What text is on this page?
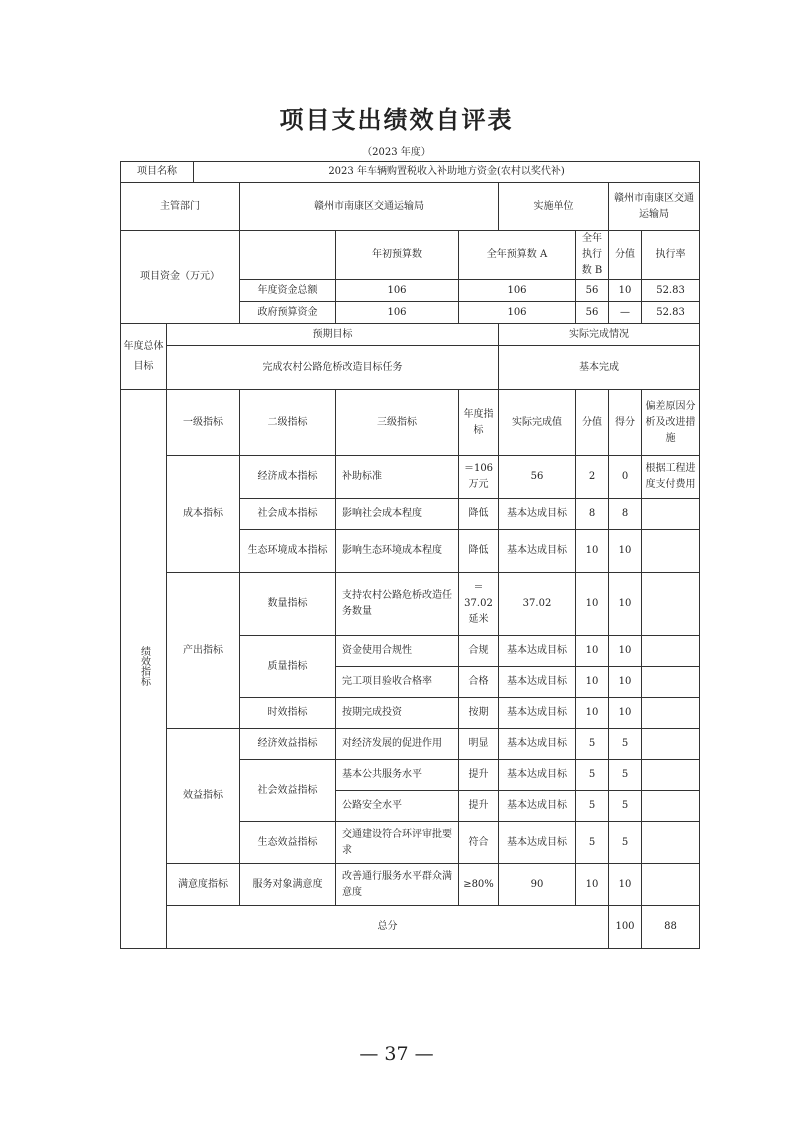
项目支出绩效自评表
（2023 年度）
项目名称		2023 年车辆购置税收入补助地方资金(农村以奖代补)								
主管部门			赣州市南康区交通运输局			实施单位		赣州市南康区交通运输局		
项目资金（万元）				年初预算数	全年预算数 A		全年执行数 B	分值	执行率	
			年度资金总额	106	106		56	10	52.83	
			政府预算资金	106	106		56	—	52.83	
年度总体目标	预期目标					实际完成情况				
	完成农村公路危桥改造目标任务					基本完成				
绩效指标	一级指标		二级指标	三级指标	年度指标	实际完成值	分值	得分	偏差原因分析及改进措施	
	成本指标		经济成本指标	补助标准	＝106万元	56	2	0	根据工程进度支付费用	
			社会成本指标	影响社会成本程度	降低	基本达成目标	8	8		
			生态环境成本指标	影响生态环境成本程度	降低	基本达成目标	10	10		
	产出指标		数量指标	支持农村公路危桥改造任务数量	＝37.02延米	37.02	10	10		
			质量指标	资金使用合规性	合规	基本达成目标	10	10		
				完工项目验收合格率	合格	基本达成目标	10	10		
			时效指标	按期完成投资	按期	基本达成目标	10	10		
	效益指标		经济效益指标	对经济发展的促进作用	明显	基本达成目标	5	5		
			社会效益指标	基本公共服务水平	提升	基本达成目标	5	5		
				公路安全水平	提升	基本达成目标	5	5		
			生态效益指标	交通建设符合环评审批要求	符合	基本达成目标	5	5		
	满意度指标		服务对象满意度	改善通行服务水平群众满意度	≥80%	90	10	10		
	总分							100	88	
— 37 —
